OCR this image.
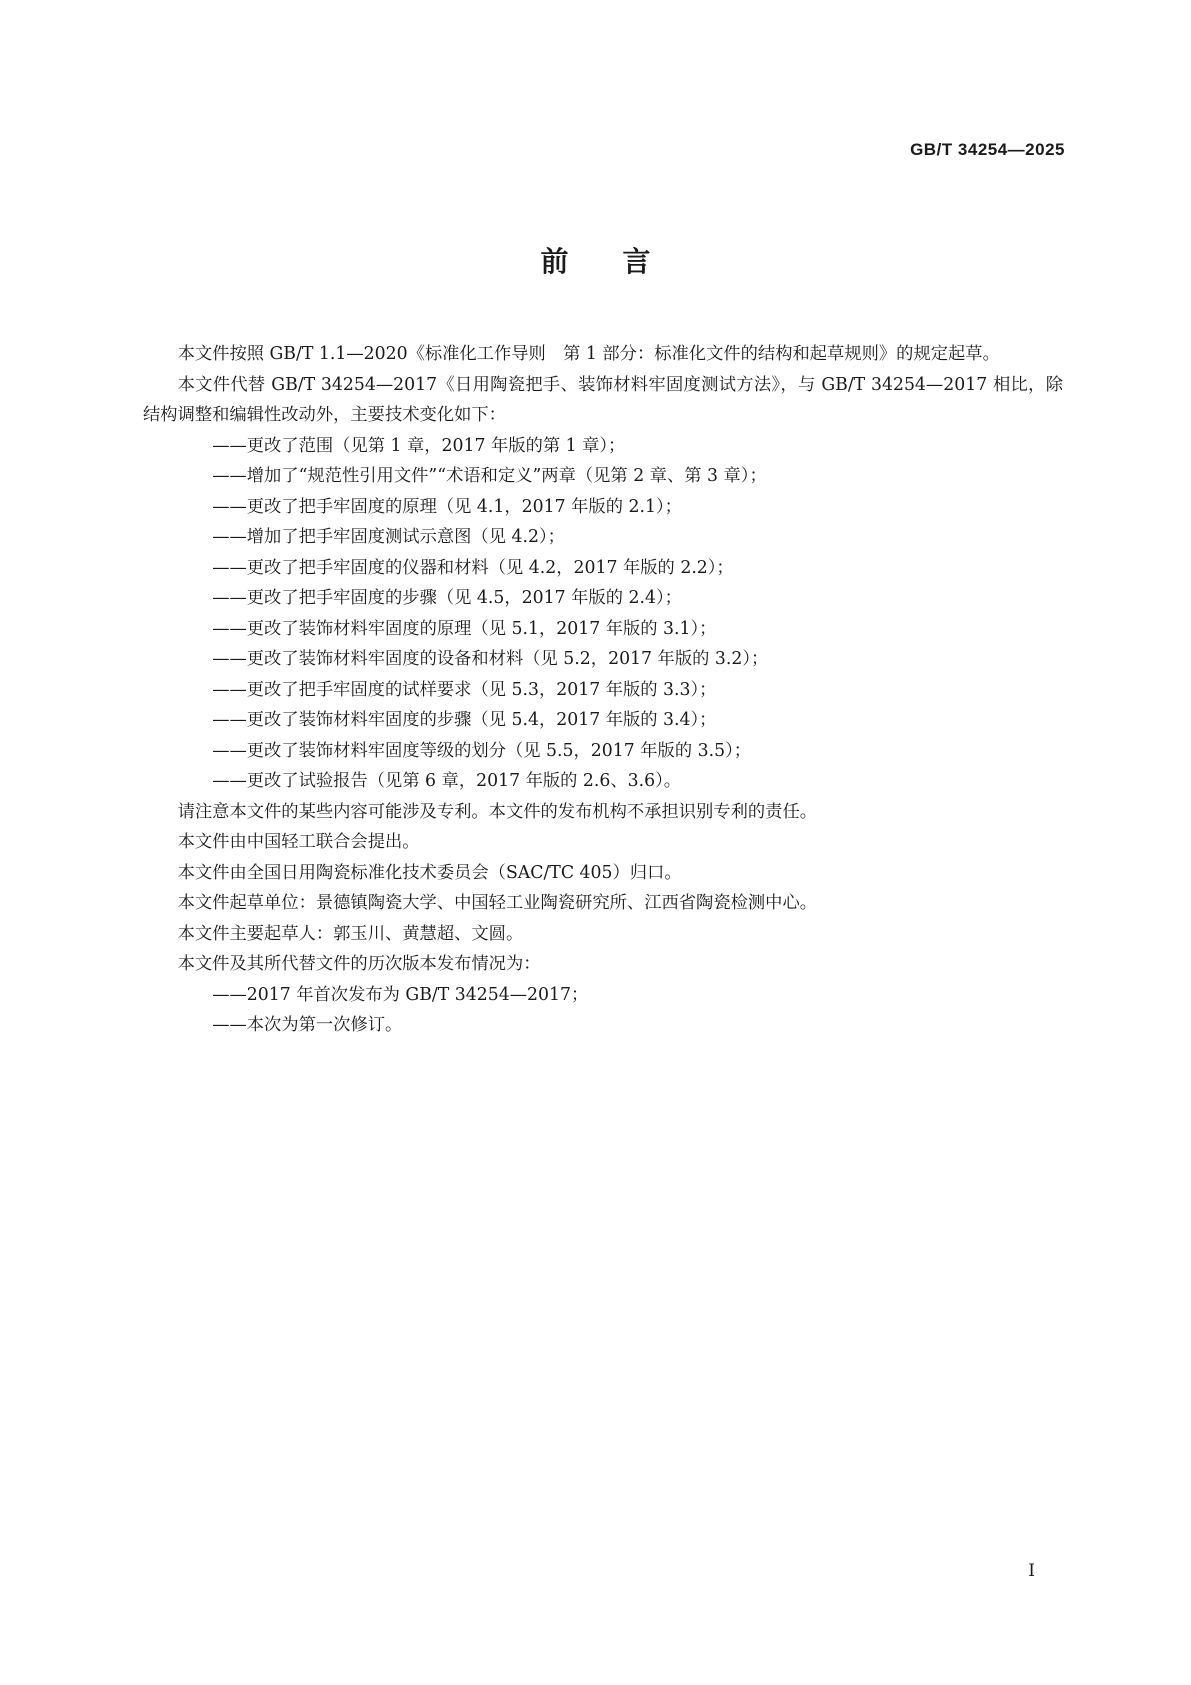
GB/T 34254—2025
前言

本文件按照 GB/T 1.1—2020《标准化工作导则　第 1 部分：标准化文件的结构和起草规则》的规定起草。

本文件代替 GB/T 34254—2017《日用陶瓷把手、装饰材料牢固度测试方法》，与 GB/T 34254—2017 相比，除结构调整和编辑性改动外，主要技术变化如下：

——更改了范围（见第 1 章，2017 年版的第 1 章）；

——增加了“规范性引用文件”“术语和定义”两章（见第 2 章、第 3 章）；

——更改了把手牢固度的原理（见 4.1，2017 年版的 2.1）；

——增加了把手牢固度测试示意图（见 4.2）；

——更改了把手牢固度的仪器和材料（见 4.2，2017 年版的 2.2）；

——更改了把手牢固度的步骤（见 4.5，2017 年版的 2.4）；

——更改了装饰材料牢固度的原理（见 5.1，2017 年版的 3.1）；

——更改了装饰材料牢固度的设备和材料（见 5.2，2017 年版的 3.2）；

——更改了把手牢固度的试样要求（见 5.3，2017 年版的 3.3）；

——更改了装饰材料牢固度的步骤（见 5.4，2017 年版的 3.4）；

——更改了装饰材料牢固度等级的划分（见 5.5，2017 年版的 3.5）；

——更改了试验报告（见第 6 章，2017 年版的 2.6、3.6）。

请注意本文件的某些内容可能涉及专利。本文件的发布机构不承担识别专利的责任。

本文件由中国轻工联合会提出。

本文件由全国日用陶瓷标准化技术委员会（SAC/TC 405）归口。

本文件起草单位：景德镇陶瓷大学、中国轻工业陶瓷研究所、江西省陶瓷检测中心。

本文件主要起草人：郭玉川、黄慧超、文圆。

本文件及其所代替文件的历次版本发布情况为：

——2017 年首次发布为 GB/T 34254—2017；

——本次为第一次修订。

Ⅰ
